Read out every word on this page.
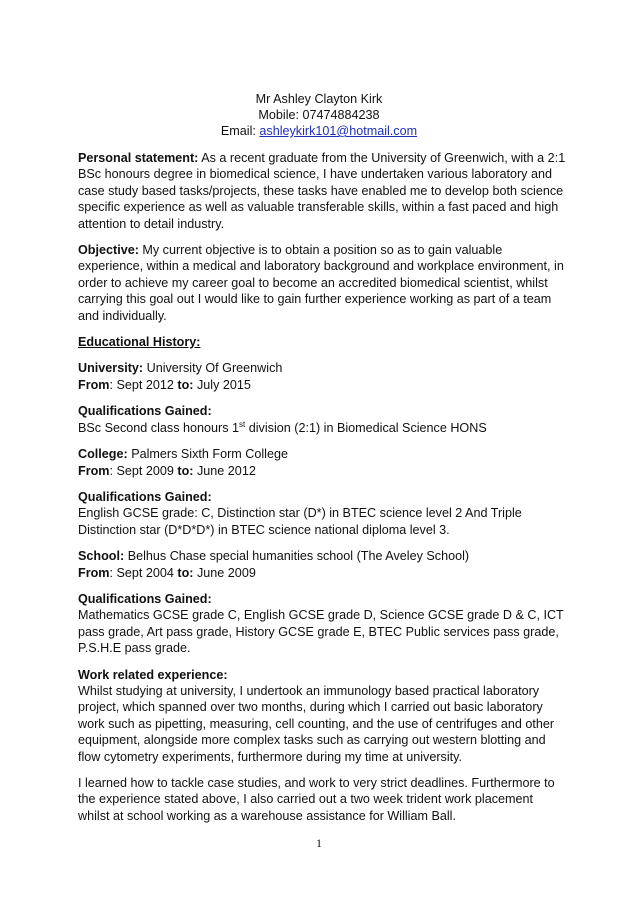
Mr Ashley Clayton Kirk
Mobile: 07474884238
Email: ashleykirk101@hotmail.com

Personal statement: As a recent graduate from the University of Greenwich, with a 2:1 BSc honours degree in biomedical science, I have undertaken various laboratory and case study based tasks/projects, these tasks have enabled me to develop both science specific experience as well as valuable transferable skills, within a fast paced and high attention to detail industry.

Objective: My current objective is to obtain a position so as to gain valuable experience, within a medical and laboratory background and workplace environment, in order to achieve my career goal to become an accredited biomedical scientist, whilst carrying this goal out I would like to gain further experience working as part of a team and individually.

Educational History:

University: University Of Greenwich
From: Sept 2012 to: July 2015
Qualifications Gained:
BSc Second class honours 1st division (2:1) in Biomedical Science HONS
College: Palmers Sixth Form College
From: Sept 2009 to: June 2012
Qualifications Gained:
English GCSE grade: C, Distinction star (D*) in BTEC science level 2 And Triple Distinction star (D*D*D*) in BTEC science national diploma level 3.
School: Belhus Chase special humanities school (The Aveley School)
From: Sept 2004 to: June 2009
Qualifications Gained:
Mathematics GCSE grade C, English GCSE grade D, Science GCSE grade D & C, ICT pass grade, Art pass grade, History GCSE grade E, BTEC Public services pass grade, P.S.H.E pass grade.
Work related experience:
Whilst studying at university, I undertook an immunology based practical laboratory project, which spanned over two months, during which I carried out basic laboratory work such as pipetting, measuring, cell counting, and the use of centrifuges and other equipment, alongside more complex tasks such as carrying out western blotting and flow cytometry experiments, furthermore during my time at university.

I learned how to tackle case studies, and work to very strict deadlines. Furthermore to the experience stated above, I also carried out a two week trident work placement whilst at school working as a warehouse assistance for William Ball.

1
